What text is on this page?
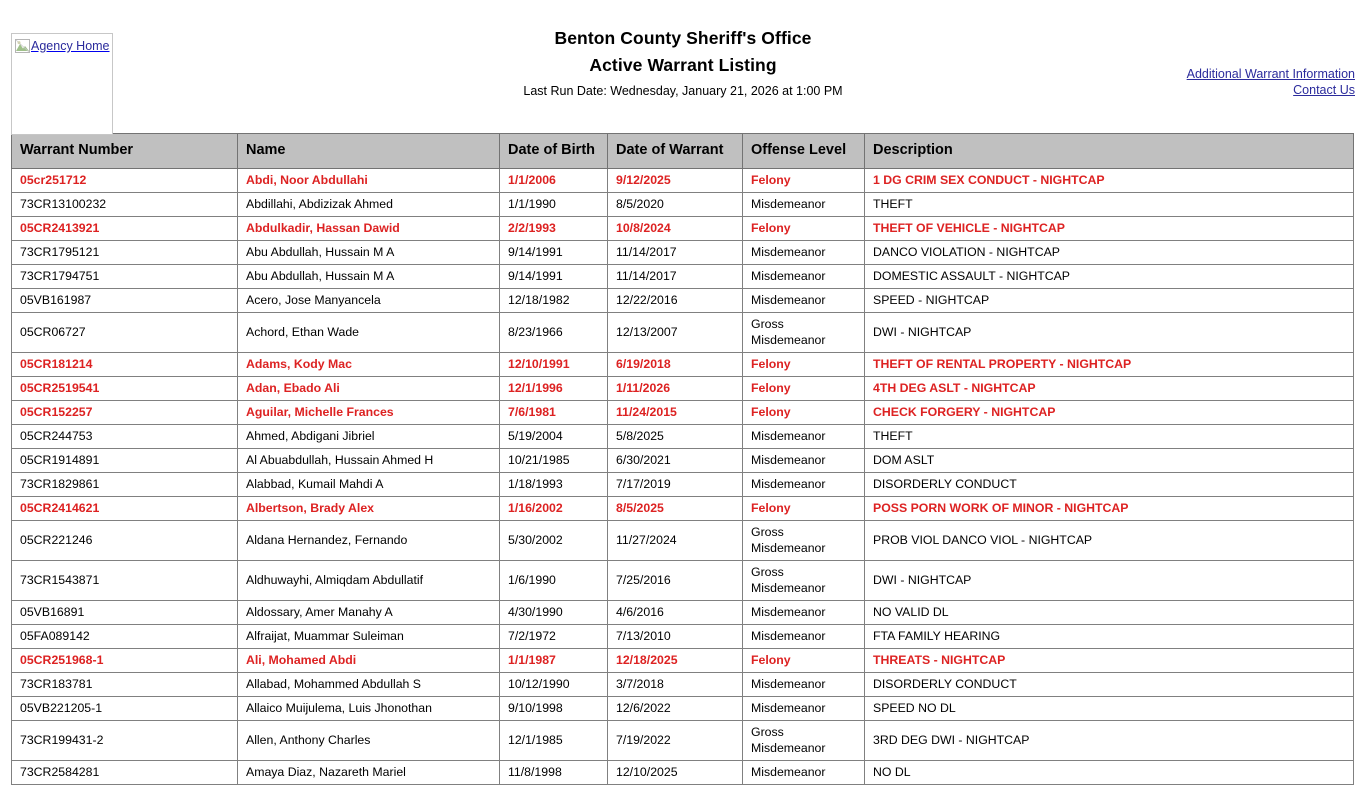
Agency Home	Benton County Sheriff's Office
Active Warrant Listing
Last Run Date: Wednesday, January 21, 2026 at 1:00 PM
Additional Warrant Information
Contact Us
Warrant Number	Name	Date of Birth	Date of Warrant	Offense Level	Description
05cr251712	Abdi, Noor Abdullahi	1/1/2006	9/12/2025	Felony	1 DG CRIM SEX CONDUCT - NIGHTCAP
73CR13100232	Abdillahi, Abdizizak Ahmed	1/1/1990	8/5/2020	Misdemeanor	THEFT
05CR2413921	Abdulkadir, Hassan Dawid	2/2/1993	10/8/2024	Felony	THEFT OF VEHICLE - NIGHTCAP
73CR1795121	Abu Abdullah, Hussain M A	9/14/1991	11/14/2017	Misdemeanor	DANCO VIOLATION - NIGHTCAP
73CR1794751	Abu Abdullah, Hussain M A	9/14/1991	11/14/2017	Misdemeanor	DOMESTIC ASSAULT - NIGHTCAP
05VB161987	Acero, Jose Manyancela	12/18/1982	12/22/2016	Misdemeanor	SPEED - NIGHTCAP
05CR06727	Achord, Ethan Wade	8/23/1966	12/13/2007	Gross Misdemeanor	DWI - NIGHTCAP
05CR181214	Adams, Kody Mac	12/10/1991	6/19/2018	Felony	THEFT OF RENTAL PROPERTY - NIGHTCAP
05CR2519541	Adan, Ebado Ali	12/1/1996	1/11/2026	Felony	4TH DEG ASLT - NIGHTCAP
05CR152257	Aguilar, Michelle Frances	7/6/1981	11/24/2015	Felony	CHECK FORGERY - NIGHTCAP
05CR244753	Ahmed, Abdigani Jibriel	5/19/2004	5/8/2025	Misdemeanor	THEFT
05CR1914891	Al Abuabdullah, Hussain Ahmed H	10/21/1985	6/30/2021	Misdemeanor	DOM ASLT
73CR1829861	Alabbad, Kumail Mahdi A	1/18/1993	7/17/2019	Misdemeanor	DISORDERLY CONDUCT
05CR2414621	Albertson, Brady Alex	1/16/2002	8/5/2025	Felony	POSS PORN WORK OF MINOR - NIGHTCAP
05CR221246	Aldana Hernandez, Fernando	5/30/2002	11/27/2024	Gross Misdemeanor	PROB VIOL DANCO VIOL - NIGHTCAP
73CR1543871	Aldhuwayhi, Almiqdam Abdullatif	1/6/1990	7/25/2016	Gross Misdemeanor	DWI - NIGHTCAP
05VB16891	Aldossary, Amer Manahy A	4/30/1990	4/6/2016	Misdemeanor	NO VALID DL
05FA089142	Alfraijat, Muammar Suleiman	7/2/1972	7/13/2010	Misdemeanor	FTA FAMILY HEARING
05CR251968-1	Ali, Mohamed Abdi	1/1/1987	12/18/2025	Felony	THREATS - NIGHTCAP
73CR183781	Allabad, Mohammed Abdullah S	10/12/1990	3/7/2018	Misdemeanor	DISORDERLY CONDUCT
05VB221205-1	Allaico Muijulema, Luis Jhonothan	9/10/1998	12/6/2022	Misdemeanor	SPEED NO DL
73CR199431-2	Allen, Anthony Charles	12/1/1985	7/19/2022	Gross Misdemeanor	3RD DEG DWI - NIGHTCAP
73CR2584281	Amaya Diaz, Nazareth Mariel	11/8/1998	12/10/2025	Misdemeanor	NO DL
